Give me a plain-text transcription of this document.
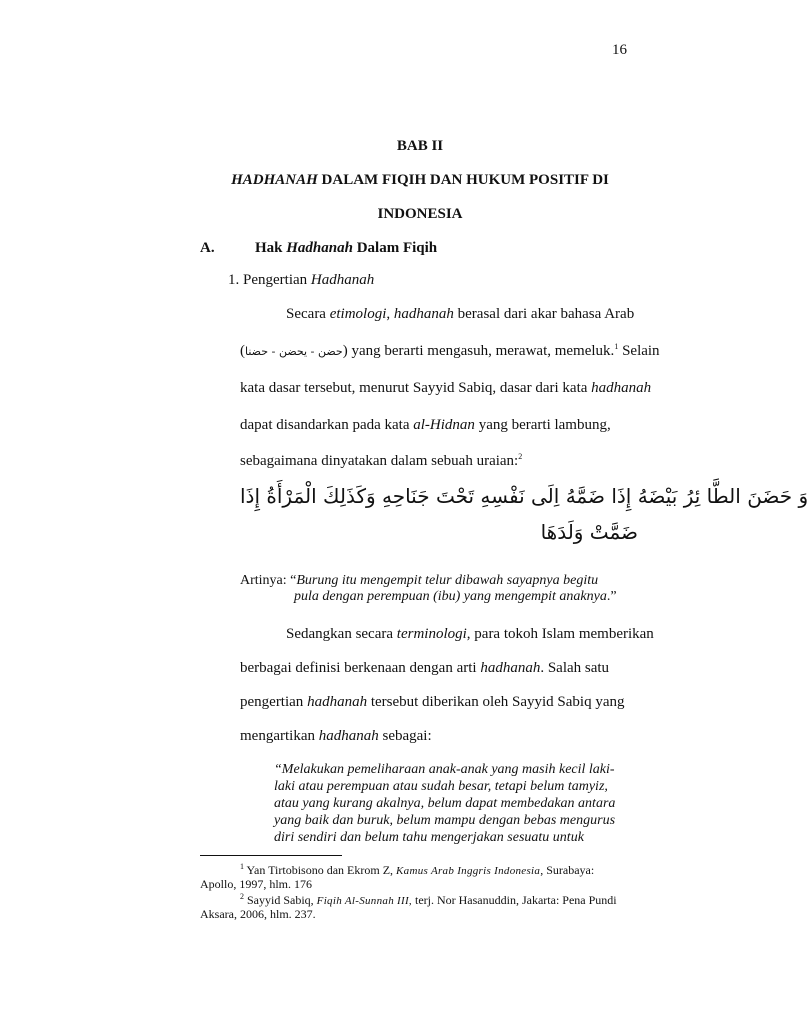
16
BAB II
HADHANAH DALAM FIQIH DAN HUKUM POSITIF DI
INDONESIA
A.	Hak Hadhanah Dalam Fiqih
1. Pengertian Hadhanah
Secara etimologi, hadhanah berasal dari akar bahasa Arab
(حضن - يحضن - حضنا) yang berarti mengasuh, merawat, memeluk.$^1$ Selain
kata dasar tersebut, menurut Sayyid Sabiq, dasar dari kata hadhanah
dapat disandarkan pada kata al-Hidnan yang berarti lambung,
sebagaimana dinyatakan dalam sebuah uraian:$^2$
وَ حَضَنَ الطَّا ئِرُ بَيْضَهُ إِذَا ضَمَّهُ اِلَى نَفْسِهِ تَحْتَ جَنَاحِهِ وَكَذَلِكَ الْمَرْأَةُ إِذَا
ضَمَّتْ وَلَدَهَا
Artinya: “Burung itu mengempit telur dibawah sayapnya begitu
pula dengan perempuan (ibu) yang mengempit anaknya.”
Sedangkan secara terminologi, para tokoh Islam memberikan
berbagai definisi berkenaan dengan arti hadhanah. Salah satu
pengertian hadhanah tersebut diberikan oleh Sayyid Sabiq yang
mengartikan hadhanah sebagai:
“Melakukan pemeliharaan anak-anak yang masih kecil laki-
laki atau perempuan atau sudah besar, tetapi belum tamyiz,
atau yang kurang akalnya, belum dapat membedakan antara
yang baik dan buruk, belum mampu dengan bebas mengurus
diri sendiri dan belum tahu mengerjakan sesuatu untuk
$^1$ Yan Tirtobisono dan Ekrom Z, Kamus Arab Inggris Indonesia, Surabaya:
Apollo, 1997, hlm. 176
$^2$ Sayyid Sabiq, Fiqih Al-Sunnah III, terj. Nor Hasanuddin, Jakarta: Pena Pundi
Aksara, 2006, hlm. 237.
